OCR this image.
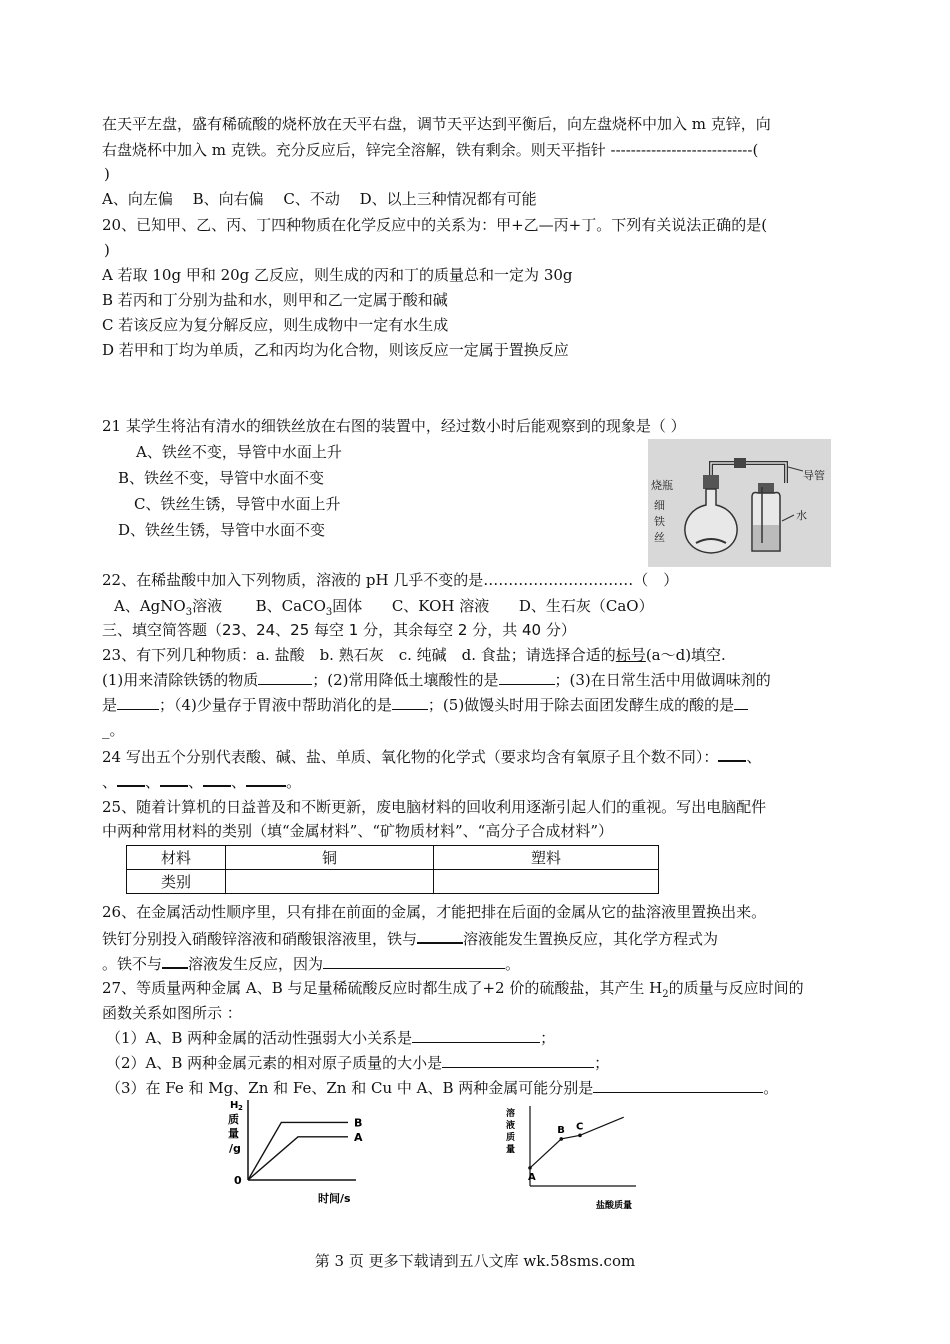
在天平左盘，盛有稀硫酸的烧杯放在天平右盘，调节天平达到平衡后，向左盘烧杯中加入 m 克锌，向
右盘烧杯中加入 m 克铁。充分反应后，锌完全溶解，铁有剩余。则天平指针 ----------------------------(
)
A、向左偏　 B、向右偏　 C、不动　 D、以上三种情况都有可能
20、已知甲、乙、丙、丁四种物质在化学反应中的关系为：甲+乙—丙+丁。下列有关说法正确的是(
)
A 若取 10g 甲和 20g 乙反应，则生成的丙和丁的质量总和一定为 30g
B 若丙和丁分别为盐和水，则甲和乙一定属于酸和碱
C 若该反应为复分解反应，则生成物中一定有水生成
D 若甲和丁均为单质，乙和丙均为化合物，则该反应一定属于置换反应
21 某学生将沾有清水的细铁丝放在右图的装置中，经过数小时后能观察到的现象是（ ）
A、铁丝不变，导管中水面上升
B、铁丝不变，导管中水面不变
C、铁丝生锈，导管中水面上升
D、铁丝生锈，导管中水面不变
导管
烧瓶
细
铁
丝
水
22、在稀盐酸中加入下列物质，溶液的 pH 几乎不变的是…………………………（　）
A、AgNO$_3$溶液 B、CaCO$_3$固体 C、KOH 溶液 D、生石灰（CaO）
三、填空简答题（23、24、25 每空 1 分，其余每空 2 分，共 40 分）
23、有下列几种物质：a. 盐酸　b. 熟石灰　c. 纯碱　d. 食盐；请选择合适的标号(a～d)填空.
(1)用来清除铁锈的物质	；(2)常用降低土壤酸性的是	；(3)在日常生活中用做调味剂的
是	；（4)少量存于胃液中帮助消化的是 ；(5)做馒头时用于除去面团发酵生成的酸的是
_。
24 写出五个分别代表酸、碱、盐、单质、氧化物的化学式（要求均含有氧原子且个数不同）： 、
、 、 、 、	。
25、随着计算机的日益普及和不断更新，废电脑材料的回收利用逐渐引起人们的重视。写出电脑配件
中两种常用材料的类别（填“金属材料”、“矿物质材料”、“高分子合成材料”）
材料	铜	塑料
类别		
26、在金属活动性顺序里，只有排在前面的金属，才能把排在后面的金属从它的盐溶液里置换出来。
铁钉分别投入硝酸锌溶液和硝酸银溶液里，铁与	溶液能发生置换反应，其化学方程式为
。铁不与 溶液发生反应，因为	。
27、等质量两种金属 A、B 与足量稀硫酸反应时都生成了+2 价的硫酸盐，其产生 $H_2$的质量与反应时间的
函数关系如图所示 ：
（1）A、B 两种金属的活动性强弱大小关系是	；
（2）A、B 两种金属元素的相对原子质量的大小是	；
（3）在 Fe 和 Mg、Zn 和 Fe、Zn 和 Cu 中 A、B 两种金属可能分别是	。
H 2
质
量
/g
0
时间/s
B
A
溶
液
质
量
盐酸质量
A
B C
第 3 页 更多下载请到五八文库 wk.58sms.com
